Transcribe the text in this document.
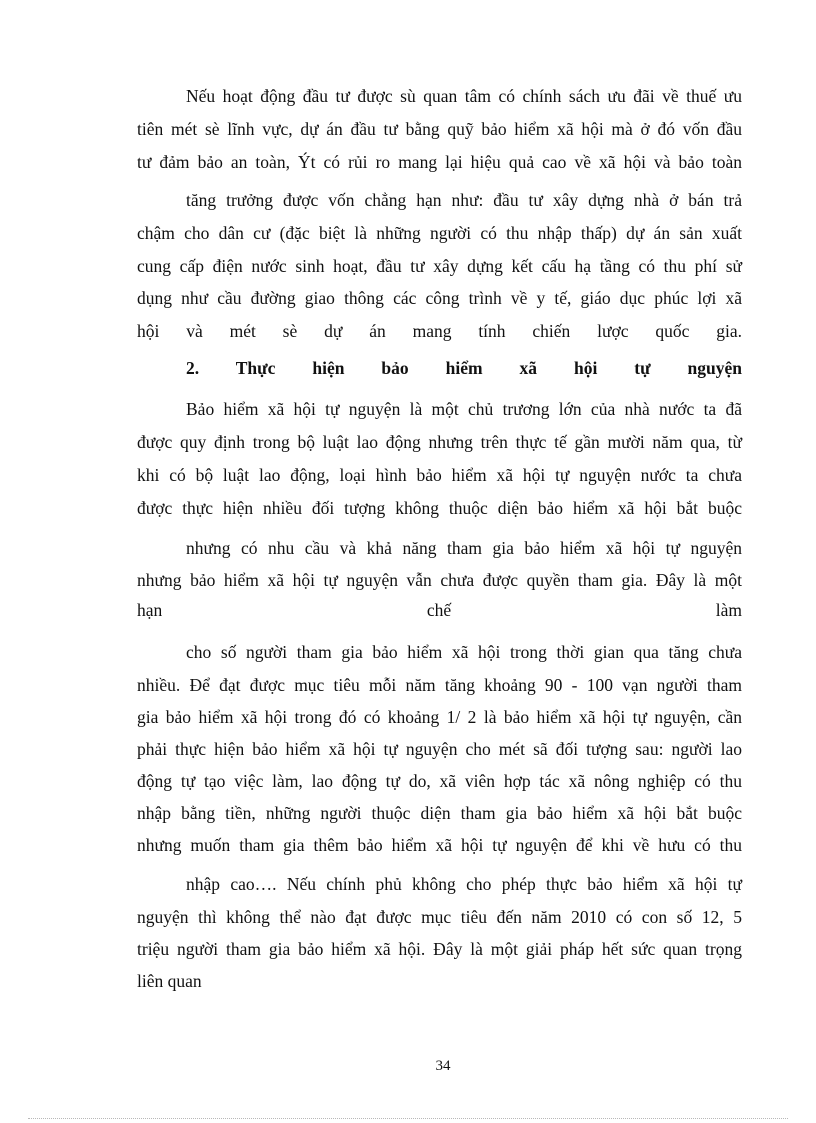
Nếu hoạt động đầu tư được sù quan tâm có chính sách ưu đãi về thuế ưu
tiên mét sè lĩnh vực, dự án đầu tư bằng quỹ bảo hiểm xã hội mà ở đó vốn đầu
tư đảm bảo an toàn, Ýt có rủi ro mang lại hiệu quả cao về xã hội và bảo toàn
tăng trưởng được vốn chẳng hạn như: đầu tư xây dựng nhà ở bán trả
chậm cho dân cư (đặc biệt là những người có thu nhập thấp) dự án sản xuất
cung cấp điện nước sinh hoạt, đầu tư xây dựng kết cấu hạ tầng có thu phí sử
dụng như cầu đường giao thông các công trình về y tế, giáo dục phúc lợi xã
hội và mét sè dự án mang tính chiến lược quốc gia.
2. Thực hiện bảo hiểm xã hội tự nguyện
Bảo hiểm xã hội tự nguyện là một chủ trương lớn của nhà nước ta đã
được quy định trong bộ luật lao động nhưng trên thực tế gần mười năm qua, từ
khi có bộ luật lao động, loại hình bảo hiểm xã hội tự nguyện nước ta chưa
được thực hiện nhiều đối tượng không thuộc diện bảo hiểm xã hội bắt buộc
nhưng có nhu cầu và khả năng tham gia bảo hiểm xã hội tự nguyện
nhưng bảo hiểm xã hội tự nguyện vẫn chưa được quyền tham gia. Đây là một
hạn chế làm
cho số người tham gia bảo hiểm xã hội trong thời gian qua tăng chưa
nhiều. Để đạt được mục tiêu mỗi năm tăng khoảng 90 - 100 vạn người tham
gia bảo hiểm xã hội trong đó có khoảng 1/ 2 là bảo hiểm xã hội tự nguyện, cần
phải thực hiện bảo hiểm xã hội tự nguyện cho mét sã đối tượng sau: người lao
động tự tạo việc làm, lao động tự do, xã viên hợp tác xã nông nghiệp có thu
nhập bằng tiền, những người thuộc diện tham gia bảo hiểm xã hội bắt buộc
nhưng muốn tham gia thêm bảo hiểm xã hội tự nguyện để khi về hưu có thu
nhập cao…. Nếu chính phủ không cho phép thực bảo hiểm xã hội tự
nguyện thì không thể nào đạt được mục tiêu đến năm 2010 có con số 12, 5
triệu người tham gia bảo hiểm xã hội. Đây là một giải pháp hết sức quan trọng
liên quan
34
